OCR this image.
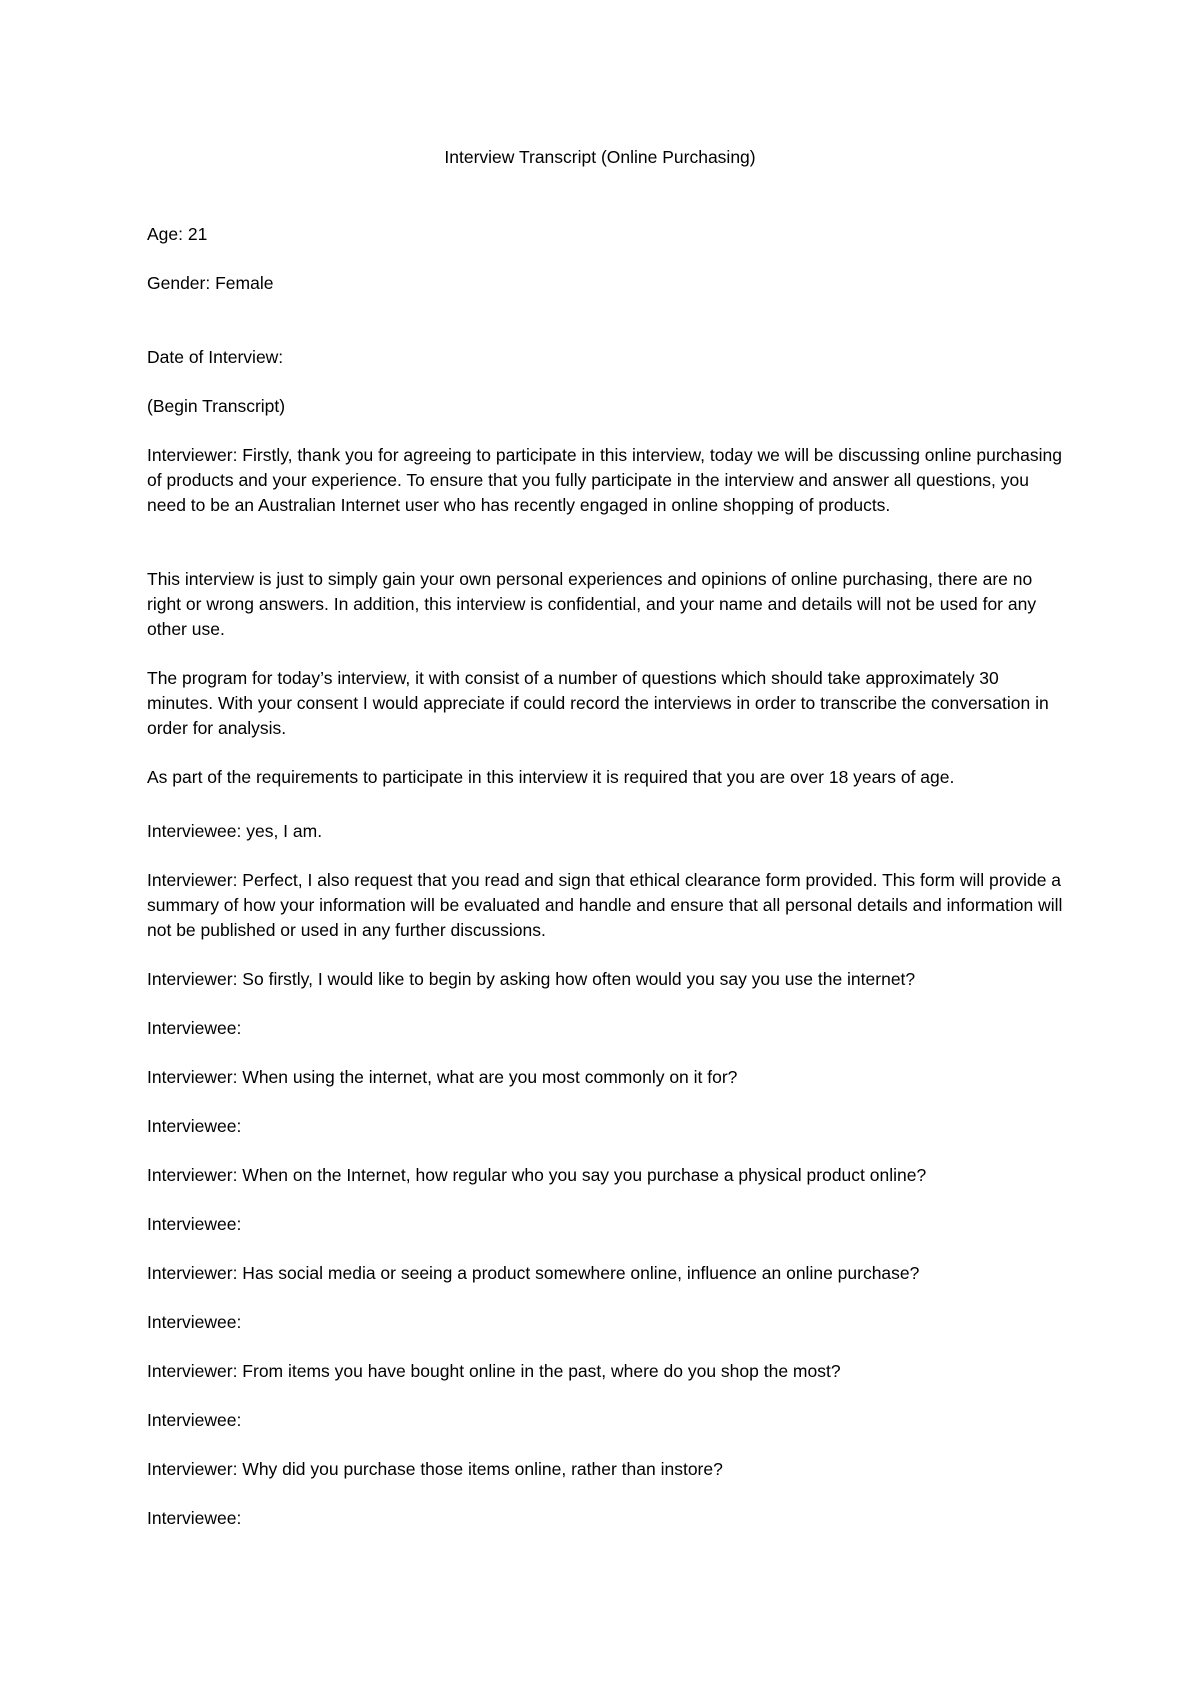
Interview Transcript (Online Purchasing)
Age: 21
Gender: Female
Date of Interview:
(Begin Transcript)
Interviewer: Firstly, thank you for agreeing to participate in this interview, today we will be discussing online purchasing of products and your experience. To ensure that you fully participate in the interview and answer all questions, you need to be an Australian Internet user who has recently engaged in online shopping of products.
This interview is just to simply gain your own personal experiences and opinions of online purchasing, there are no right or wrong answers. In addition, this interview is confidential, and your name and details will not be used for any other use.
The program for today’s interview, it with consist of a number of questions which should take approximately 30 minutes. With your consent I would appreciate if could record the interviews in order to transcribe the conversation in order for analysis.
As part of the requirements to participate in this interview it is required that you are over 18 years of age.
Interviewee: yes, I am.
Interviewer: Perfect, I also request that you read and sign that ethical clearance form provided. This form will provide a summary of how your information will be evaluated and handle and ensure that all personal details and information will not be published or used in any further discussions.
Interviewer: So firstly, I would like to begin by asking how often would you say you use the internet?
Interviewee:
Interviewer: When using the internet, what are you most commonly on it for?
Interviewee:
Interviewer: When on the Internet, how regular who you say you purchase a physical product online?
Interviewee:
Interviewer: Has social media or seeing a product somewhere online, influence an online purchase?
Interviewee:
Interviewer: From items you have bought online in the past, where do you shop the most?
Interviewee:
Interviewer: Why did you purchase those items online, rather than instore?
Interviewee:
